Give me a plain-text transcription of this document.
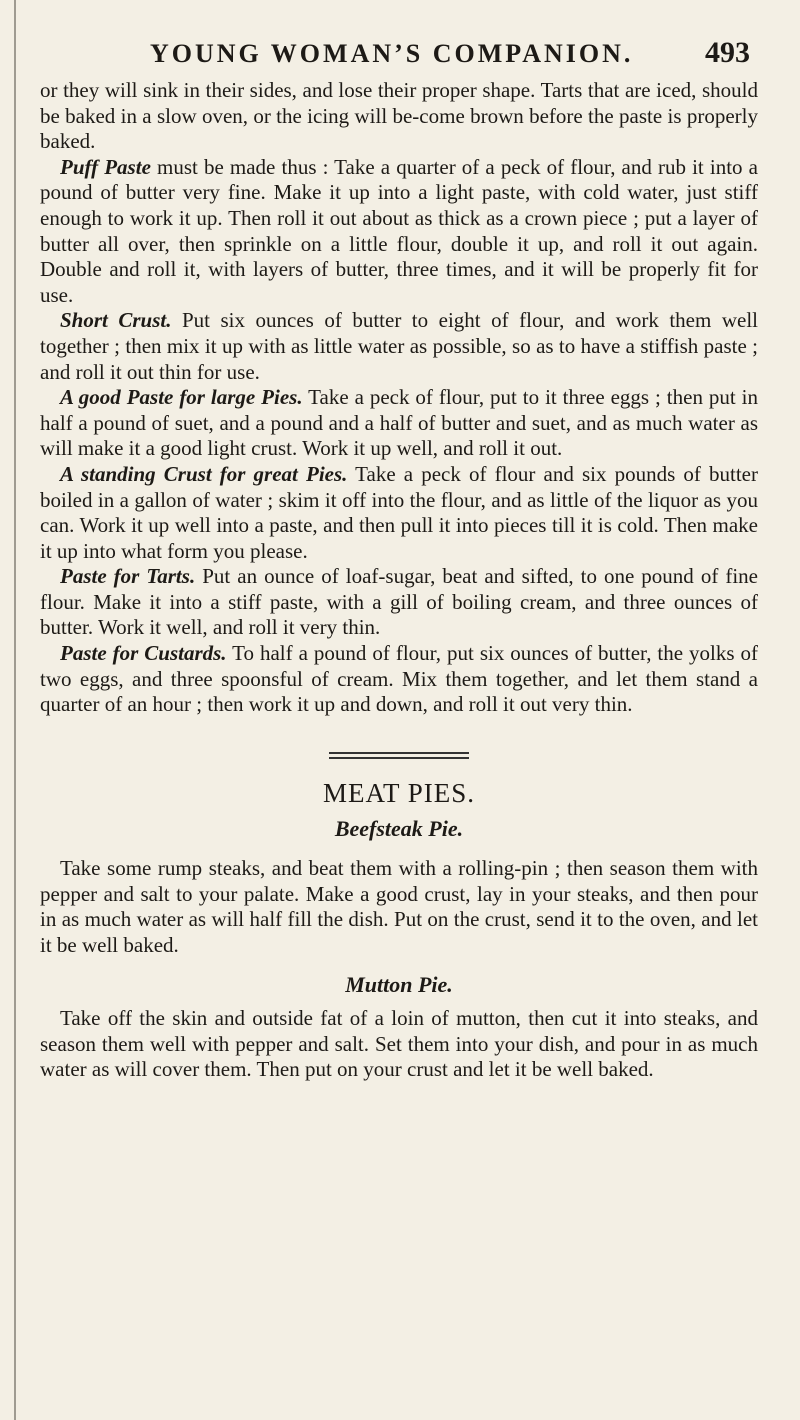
YOUNG WOMAN’S COMPANION. 493

or they will sink in their sides, and lose their proper shape. Tarts that are iced, should be baked in a slow oven, or the icing will be-come brown before the paste is properly baked.

Puff Paste must be made thus : Take a quarter of a peck of flour, and rub it into a pound of butter very fine. Make it up into a light paste, with cold water, just stiff enough to work it up. Then roll it out about as thick as a crown piece ; put a layer of butter all over, then sprinkle on a little flour, double it up, and roll it out again. Double and roll it, with layers of butter, three times, and it will be properly fit for use.

Short Crust. Put six ounces of butter to eight of flour, and work them well together ; then mix it up with as little water as possible, so as to have a stiffish paste ; and roll it out thin for use.

A good Paste for large Pies. Take a peck of flour, put to it three eggs ; then put in half a pound of suet, and a pound and a half of butter and suet, and as much water as will make it a good light crust. Work it up well, and roll it out.

A standing Crust for great Pies. Take a peck of flour and six pounds of butter boiled in a gallon of water ; skim it off into the flour, and as little of the liquor as you can. Work it up well into a paste, and then pull it into pieces till it is cold. Then make it up into what form you please.

Paste for Tarts. Put an ounce of loaf-sugar, beat and sifted, to one pound of fine flour. Make it into a stiff paste, with a gill of boiling cream, and three ounces of butter. Work it well, and roll it very thin.

Paste for Custards. To half a pound of flour, put six ounces of butter, the yolks of two eggs, and three spoonsful of cream. Mix them together, and let them stand a quarter of an hour ; then work it up and down, and roll it out very thin.

MEAT PIES.
Beefsteak Pie.

Take some rump steaks, and beat them with a rolling-pin ; then season them with pepper and salt to your palate. Make a good crust, lay in your steaks, and then pour in as much water as will half fill the dish. Put on the crust, send it to the oven, and let it be well baked.

Mutton Pie.

Take off the skin and outside fat of a loin of mutton, then cut it into steaks, and season them well with pepper and salt. Set them into your dish, and pour in as much water as will cover them. Then put on your crust and let it be well baked.
